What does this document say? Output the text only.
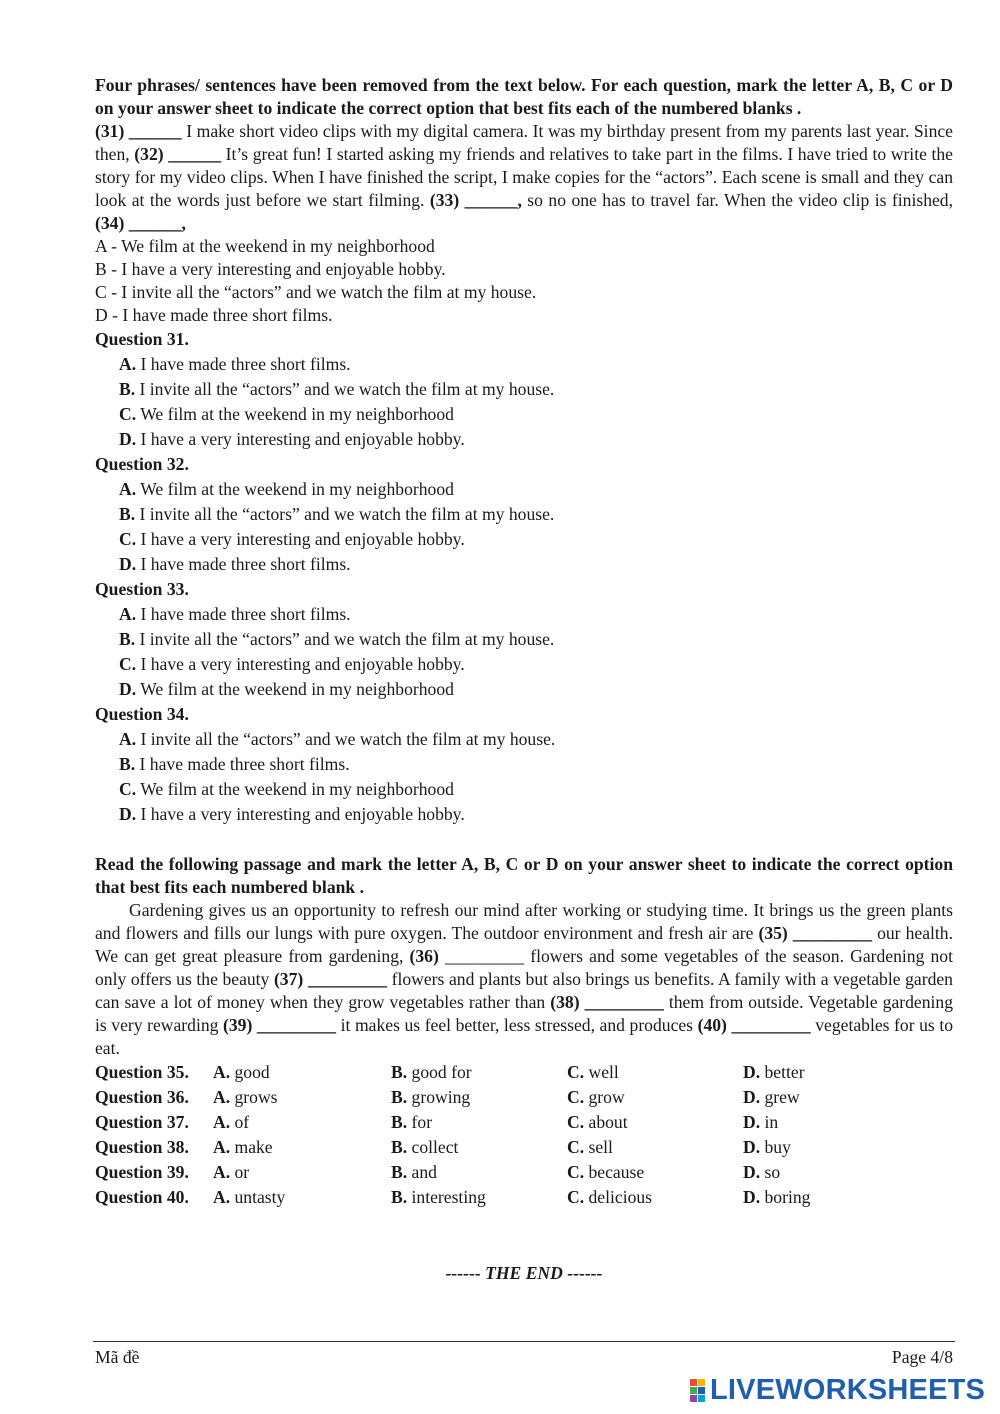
Four phrases/ sentences have been removed from the text below. For each question, mark the letter A, B, C or D on your answer sheet to indicate the correct option that best fits each of the numbered blanks .
(31) ______ I make short video clips with my digital camera. It was my birthday present from my parents last year. Since then, (32) ______ It’s great fun! I started asking my friends and relatives to take part in the films. I have tried to write the story for my video clips. When I have finished the script, I make copies for the “actors”. Each scene is small and they can look at the words just before we start filming. (33) ______, so no one has to travel far. When the video clip is finished, (34) ______,
A - We film at the weekend in my neighborhood
B - I have a very interesting and enjoyable hobby.
C - I invite all the “actors” and we watch the film at my house.
D - I have made three short films.
Question 31.
A. I have made three short films.
B. I invite all the “actors” and we watch the film at my house.
C. We film at the weekend in my neighborhood
D. I have a very interesting and enjoyable hobby.
Question 32.
A. We film at the weekend in my neighborhood
B. I invite all the “actors” and we watch the film at my house.
C. I have a very interesting and enjoyable hobby.
D. I have made three short films.
Question 33.
A. I have made three short films.
B. I invite all the “actors” and we watch the film at my house.
C. I have a very interesting and enjoyable hobby.
D. We film at the weekend in my neighborhood
Question 34.
A. I invite all the “actors” and we watch the film at my house.
B. I have made three short films.
C. We film at the weekend in my neighborhood
D. I have a very interesting and enjoyable hobby.
Read the following passage and mark the letter A, B, C or D on your answer sheet to indicate the correct option that best fits each numbered blank .
Gardening gives us an opportunity to refresh our mind after working or studying time. It brings us the green plants and flowers and fills our lungs with pure oxygen. The outdoor environment and fresh air are (35) _________ our health. We can get great pleasure from gardening, (36) _________ flowers and some vegetables of the season. Gardening not only offers us the beauty (37) _________ flowers and plants but also brings us benefits. A family with a vegetable garden can save a lot of money when they grow vegetables rather than (38) _________ them from outside. Vegetable gardening is very rewarding (39) _________ it makes us feel better, less stressed, and produces (40) _________ vegetables for us to eat.
Question 35.	A. good	B. good for	C. well	D. better
Question 36.	A. grows	B. growing	C. grow	D. grew
Question 37.	A. of	B. for	C. about	D. in
Question 38.	A. make	B. collect	C. sell	D. buy
Question 39.	A. or	B. and	C. because	D. so
Question 40.	A. untasty	B. interesting	C. delicious	D. boring
------ THE END ------
Mã đề	Page 4/8
LIVEWORKSHEETS
